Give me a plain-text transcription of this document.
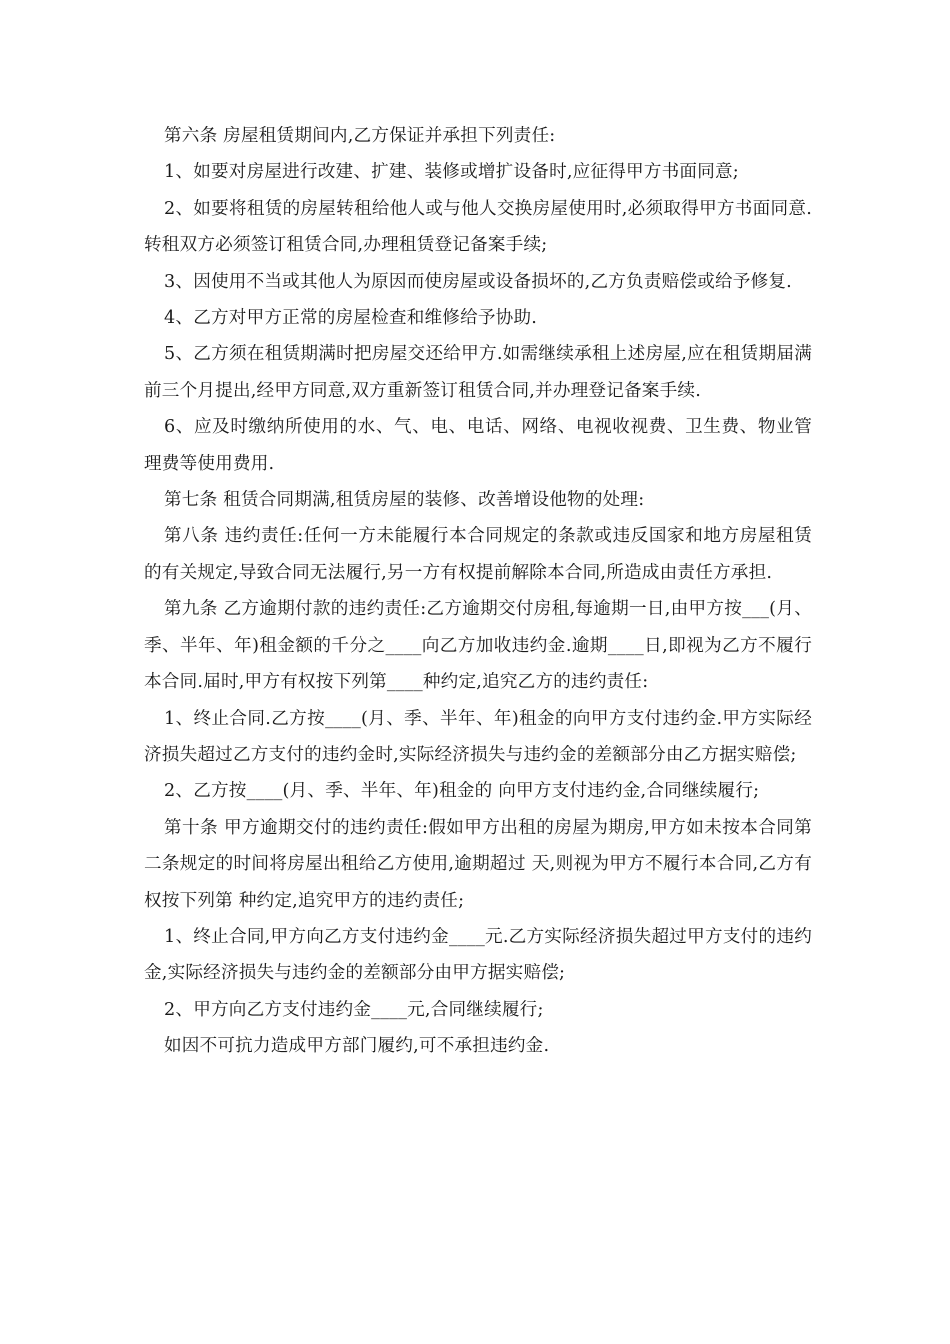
第六条 房屋租赁期间内,乙方保证并承担下列责任:

1、如要对房屋进行改建、扩建、装修或增扩设备时,应征得甲方书面同意;

2、如要将租赁的房屋转租给他人或与他人交换房屋使用时,必须取得甲方书面同意.转租双方必须签订租赁合同,办理租赁登记备案手续;

3、因使用不当或其他人为原因而使房屋或设备损坏的,乙方负责赔偿或给予修复.

4、乙方对甲方正常的房屋检查和维修给予协助.

5、乙方须在租赁期满时把房屋交还给甲方.如需继续承租上述房屋,应在租赁期届满前三个月提出,经甲方同意,双方重新签订租赁合同,并办理登记备案手续.

6、应及时缴纳所使用的水、气、电、电话、网络、电视收视费、卫生费、物业管理费等使用费用.

第七条 租赁合同期满,租赁房屋的装修、改善增设他物的处理:

第八条 违约责任:任何一方未能履行本合同规定的条款或违反国家和地方房屋租赁的有关规定,导致合同无法履行,另一方有权提前解除本合同,所造成由责任方承担.

第九条 乙方逾期付款的违约责任:乙方逾期交付房租,每逾期一日,由甲方按___(月、季、半年、年)租金额的千分之____向乙方加收违约金.逾期____日,即视为乙方不履行本合同.届时,甲方有权按下列第____种约定,追究乙方的违约责任:

1、终止合同.乙方按____(月、季、半年、年)租金的向甲方支付违约金.甲方实际经济损失超过乙方支付的违约金时,实际经济损失与违约金的差额部分由乙方据实赔偿;

2、乙方按____(月、季、半年、年)租金的 向甲方支付违约金,合同继续履行;

第十条 甲方逾期交付的违约责任:假如甲方出租的房屋为期房,甲方如未按本合同第二条规定的时间将房屋出租给乙方使用,逾期超过 天,则视为甲方不履行本合同,乙方有权按下列第 种约定,追究甲方的违约责任;

1、终止合同,甲方向乙方支付违约金____元.乙方实际经济损失超过甲方支付的违约金,实际经济损失与违约金的差额部分由甲方据实赔偿;

2、甲方向乙方支付违约金____元,合同继续履行;

如因不可抗力造成甲方部门履约,可不承担违约金.
